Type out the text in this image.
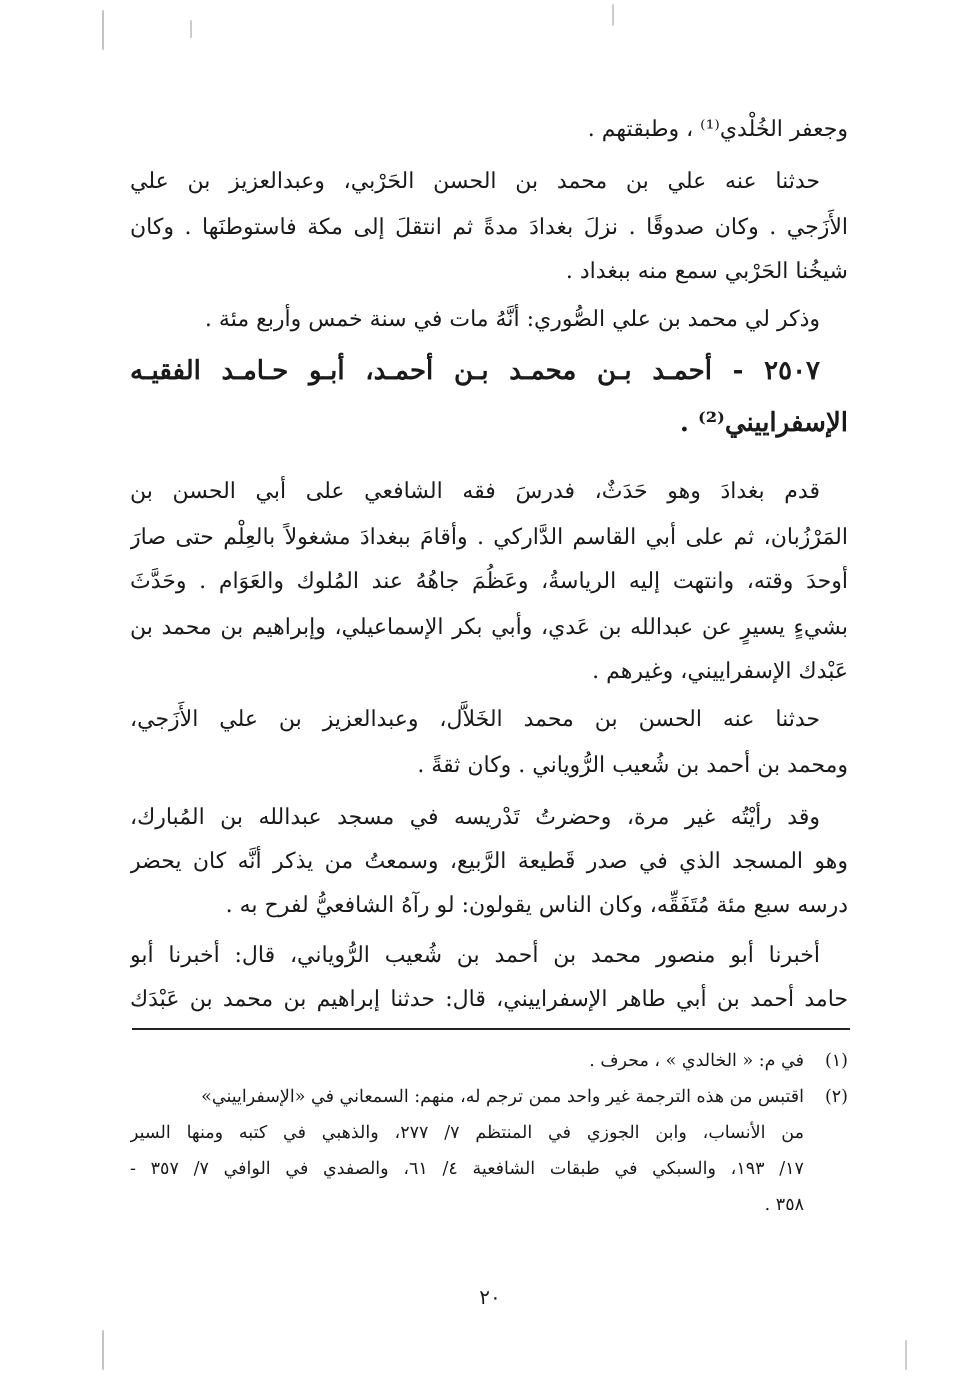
وجعفر الخُلْدي⁽¹⁾ ، وطبقتهم .
حدثنا عنه علي بن محمد بن الحسن الحَرْبي، وعبدالعزيز بن علي
الأَزَجي . وكان صدوقًا . نزلَ بغدادَ مدةً ثم انتقلَ إلى مكة فاستوطنَها . وكان
شيخُنا الحَرْبي سمع منه ببغداد .
وذكر لي محمد بن علي الصُّوري: أنَّهُ مات في سنة خمس وأربع مئة .
٢٥٠٧ - أحمـد بـن محمـد بـن أحمـد، أبـو حـامـد الفقيـه
الإسفراييني⁽²⁾ .
قدم بغدادَ وهو حَدَثٌ، فدرسَ فقه الشافعي على أبي الحسن بن
المَرْزُبان، ثم على أبي القاسم الدَّاركي . وأقامَ ببغدادَ مشغولاً بالعِلْم حتى صارَ
أوحدَ وقته، وانتهت إليه الرياسةُ، وعَظُمَ جاهُهُ عند المُلوك والعَوَام . وحَدَّثَ
بشيءٍ يسيرٍ عن عبدالله بن عَدي، وأبي بكر الإسماعيلي، وإبراهيم بن محمد بن
عَبْدك الإسفراييني، وغيرهم .
حدثنا عنه الحسن بن محمد الخَلاَّل، وعبدالعزيز بن علي الأَزَجي،
ومحمد بن أحمد بن شُعيب الرُّوياني . وكان ثقةً .
وقد رأيْتُه غير مرة، وحضرتُ تَدْريسه في مسجد عبدالله بن المُبارك،
وهو المسجد الذي في صدر قَطيعة الرَّبيع، وسمعتُ من يذكر أنَّه كان يحضر
درسه سبع مئة مُتَفَقِّه، وكان الناس يقولون: لو رآهُ الشافعيُّ لفرح به .
أخبرنا أبو منصور محمد بن أحمد بن شُعيب الرُّوياني، قال: أخبرنا أبو
حامد أحمد بن أبي طاهر الإسفراييني، قال: حدثنا إبراهيم بن محمد بن عَبْدَك
(١)في م: « الخالدي » ، محرف .
(٢)اقتبس من هذه الترجمة غير واحد ممن ترجم له، منهم: السمعاني في «الإسفراييني»
من الأنساب، وابن الجوزي في المنتظم ٧/ ٢٧٧، والذهبي في كتبه ومنها السير
١٧/ ١٩٣، والسبكي في طبقات الشافعية ٤/ ٦١، والصفدي في الوافي ٧/ ٣٥٧ -
٣٥٨ .
٢٠
